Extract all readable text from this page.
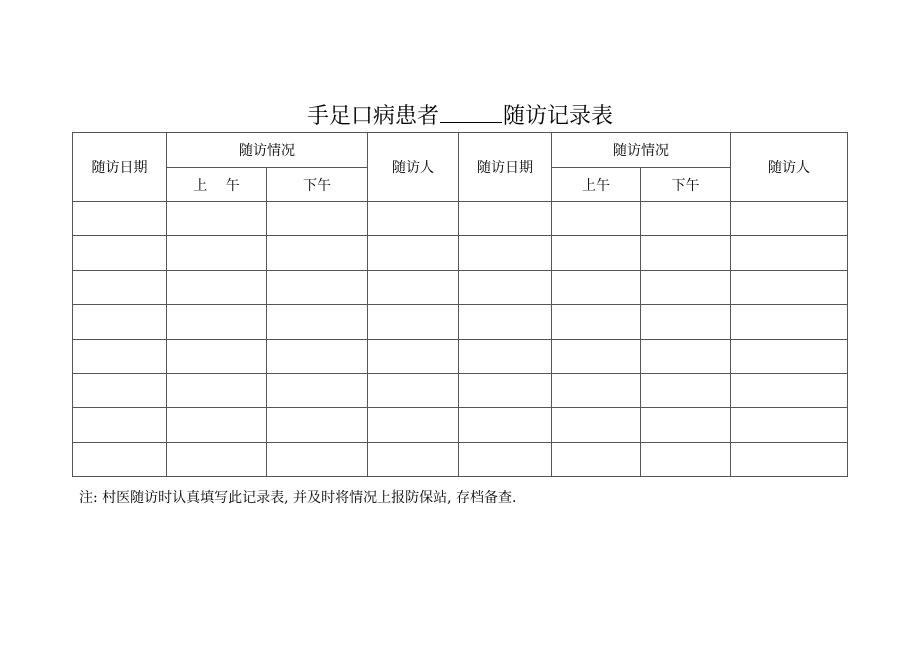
手足口病患者	随访记录表
随访日期	随访情况		随访人	随访日期	随访情况		随访人
	上　 午	下午			上午	下午	

注: 村医随访时认真填写此记录表, 并及时将情况上报防保站, 存档备查.
